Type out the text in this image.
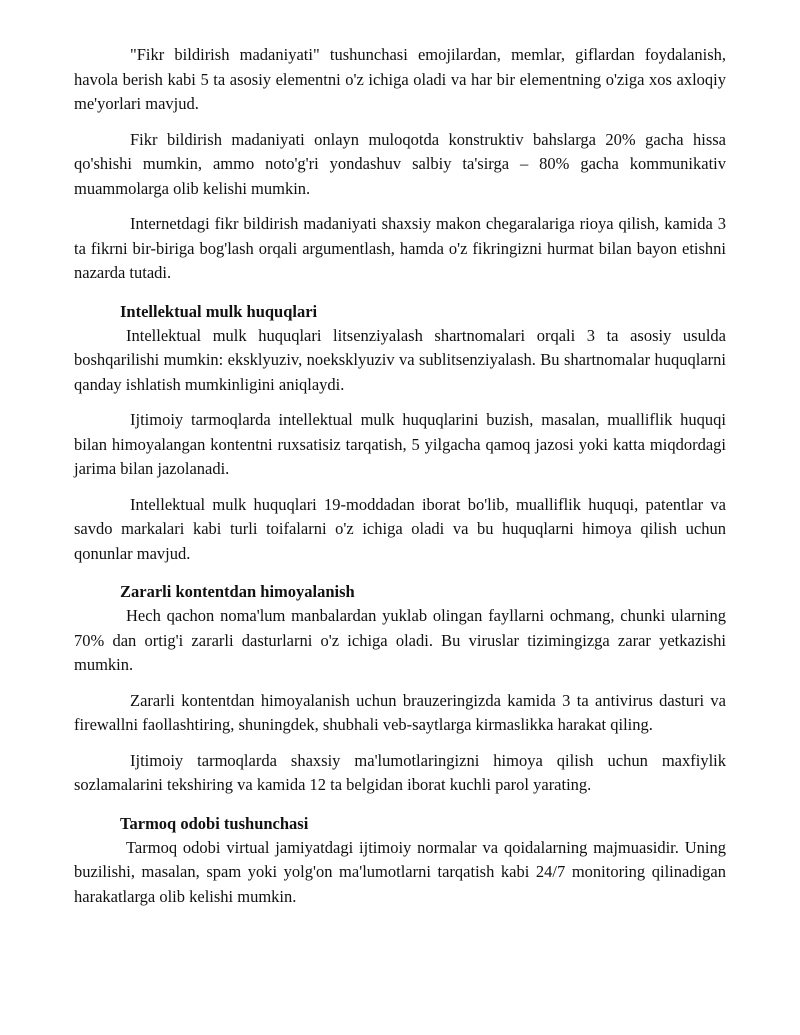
"Fikr bildirish madaniyati" tushunchasi emojilardan, memlar, giflardan foydalanish, havola berish kabi 5 ta asosiy elementni o'z ichiga oladi va har bir elementning o'ziga xos axloqiy me'yorlari mavjud.

Fikr bildirish madaniyati onlayn muloqotda konstruktiv bahslarga 20% gacha hissa qo'shishi mumkin, ammo noto'g'ri yondashuv salbiy ta'sirga – 80% gacha kommunikativ muammolarga olib kelishi mumkin.

Internetdagi fikr bildirish madaniyati shaxsiy makon chegaralariga rioya qilish, kamida 3 ta fikrni bir-biriga bog'lash orqali argumentlash, hamda o'z fikringizni hurmat bilan bayon etishni nazarda tutadi.

Intellektual mulk huquqlari

Intellektual mulk huquqlari litsenziyalash shartnomalari orqali 3 ta asosiy usulda boshqarilishi mumkin: eksklyuziv, noeksklyuziv va sublitsenziyalash. Bu shartnomalar huquqlarni qanday ishlatish mumkinligini aniqlaydi.

Ijtimoiy tarmoqlarda intellektual mulk huquqlarini buzish, masalan, mualliflik huquqi bilan himoyalangan kontentni ruxsatisiz tarqatish, 5 yilgacha qamoq jazosi yoki katta miqdordagi jarima bilan jazolanadi.

Intellektual mulk huquqlari 19-moddadan iborat bo'lib, mualliflik huquqi, patentlar va savdo markalari kabi turli toifalarni o'z ichiga oladi va bu huquqlarni himoya qilish uchun qonunlar mavjud.

Zararli kontentdan himoyalanish

Hech qachon noma'lum manbalardan yuklab olingan fayllarni ochmang, chunki ularning 70% dan ortig'i zararli dasturlarni o'z ichiga oladi. Bu viruslar tizimingizga zarar yetkazishi mumkin.

Zararli kontentdan himoyalanish uchun brauzeringizda kamida 3 ta antivirus dasturi va firewallni faollashtiring, shuningdek, shubhali veb-saytlarga kirmaslikka harakat qiling.

Ijtimoiy tarmoqlarda shaxsiy ma'lumotlaringizni himoya qilish uchun maxfiylik sozlamalarini tekshiring va kamida 12 ta belgidan iborat kuchli parol yarating.

Tarmoq odobi tushunchasi

Tarmoq odobi virtual jamiyatdagi ijtimoiy normalar va qoidalarning majmuasidir. Uning buzilishi, masalan, spam yoki yolg'on ma'lumotlarni tarqatish kabi 24/7 monitoring qilinadigan harakatlarga olib kelishi mumkin.
